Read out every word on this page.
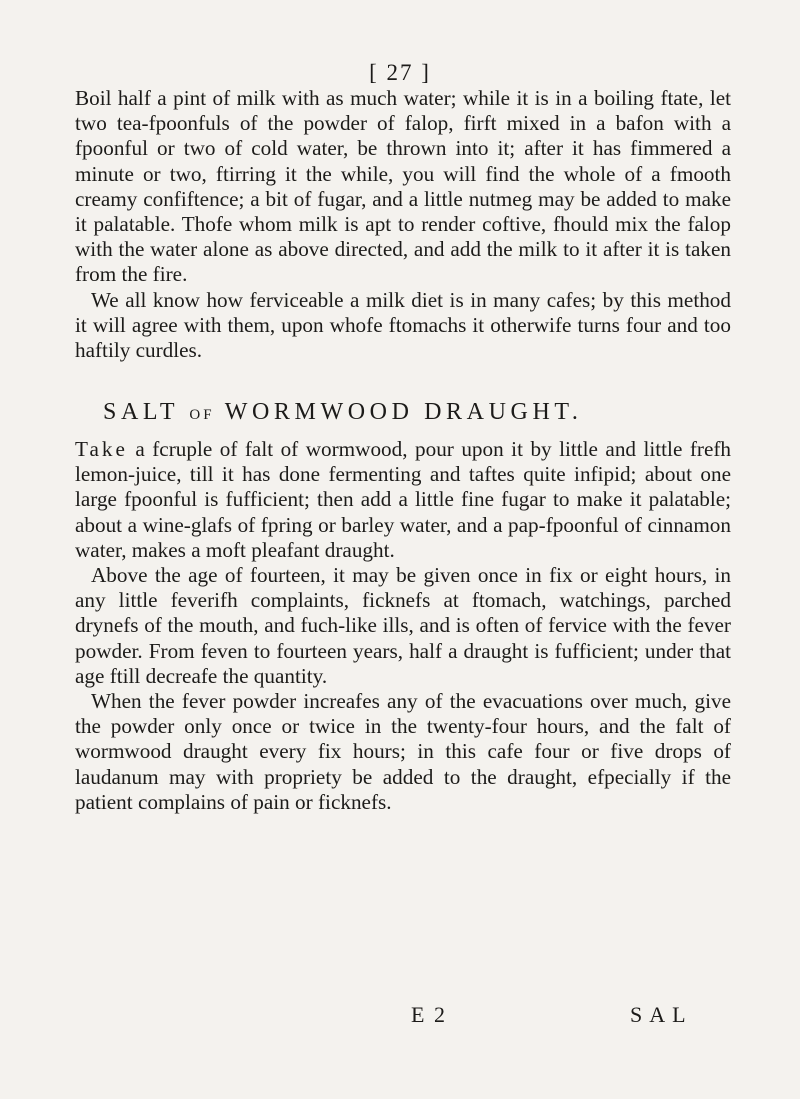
[ 27 ]

Boil half a pint of milk with as much water; while it is in a boiling ftate, let two tea-fpoonfuls of the powder of falop, firft mixed in a bafon with a fpoonful or two of cold water, be thrown into it; after it has fimmered a minute or two, ftirring it the while, you will find the whole of a fmooth creamy confiftence; a bit of fugar, and a little nutmeg may be added to make it palatable. Thofe whom milk is apt to render coftive, fhould mix the falop with the water alone as above directed, and add the milk to it after it is taken from the fire.

We all know how ferviceable a milk diet is in many cafes; by this method it will agree with them, upon whofe ftomachs it otherwife turns four and too haftily curdles.

SALT OF WORMWOOD DRAUGHT.

Take a fcruple of falt of wormwood, pour upon it by little and little frefh lemon-juice, till it has done fermenting and taftes quite infipid; about one large fpoonful is fufficient; then add a little fine fugar to make it palatable; about a wine-glafs of fpring or barley water, and a pap-fpoonful of cinnamon water, makes a moft pleafant draught.

Above the age of fourteen, it may be given once in fix or eight hours, in any little feverifh complaints, ficknefs at ftomach, watchings, parched drynefs of the mouth, and fuch-like ills, and is often of fervice with the fever powder. From feven to fourteen years, half a draught is fufficient; under that age ftill decreafe the quantity.

When the fever powder increafes any of the evacuations over much, give the powder only once or twice in the twenty-four hours, and the falt of wormwood draught every fix hours; in this cafe four or five drops of laudanum may with propriety be added to the draught, efpecially if the patient complains of pain or ficknefs.

E 2	SAL
